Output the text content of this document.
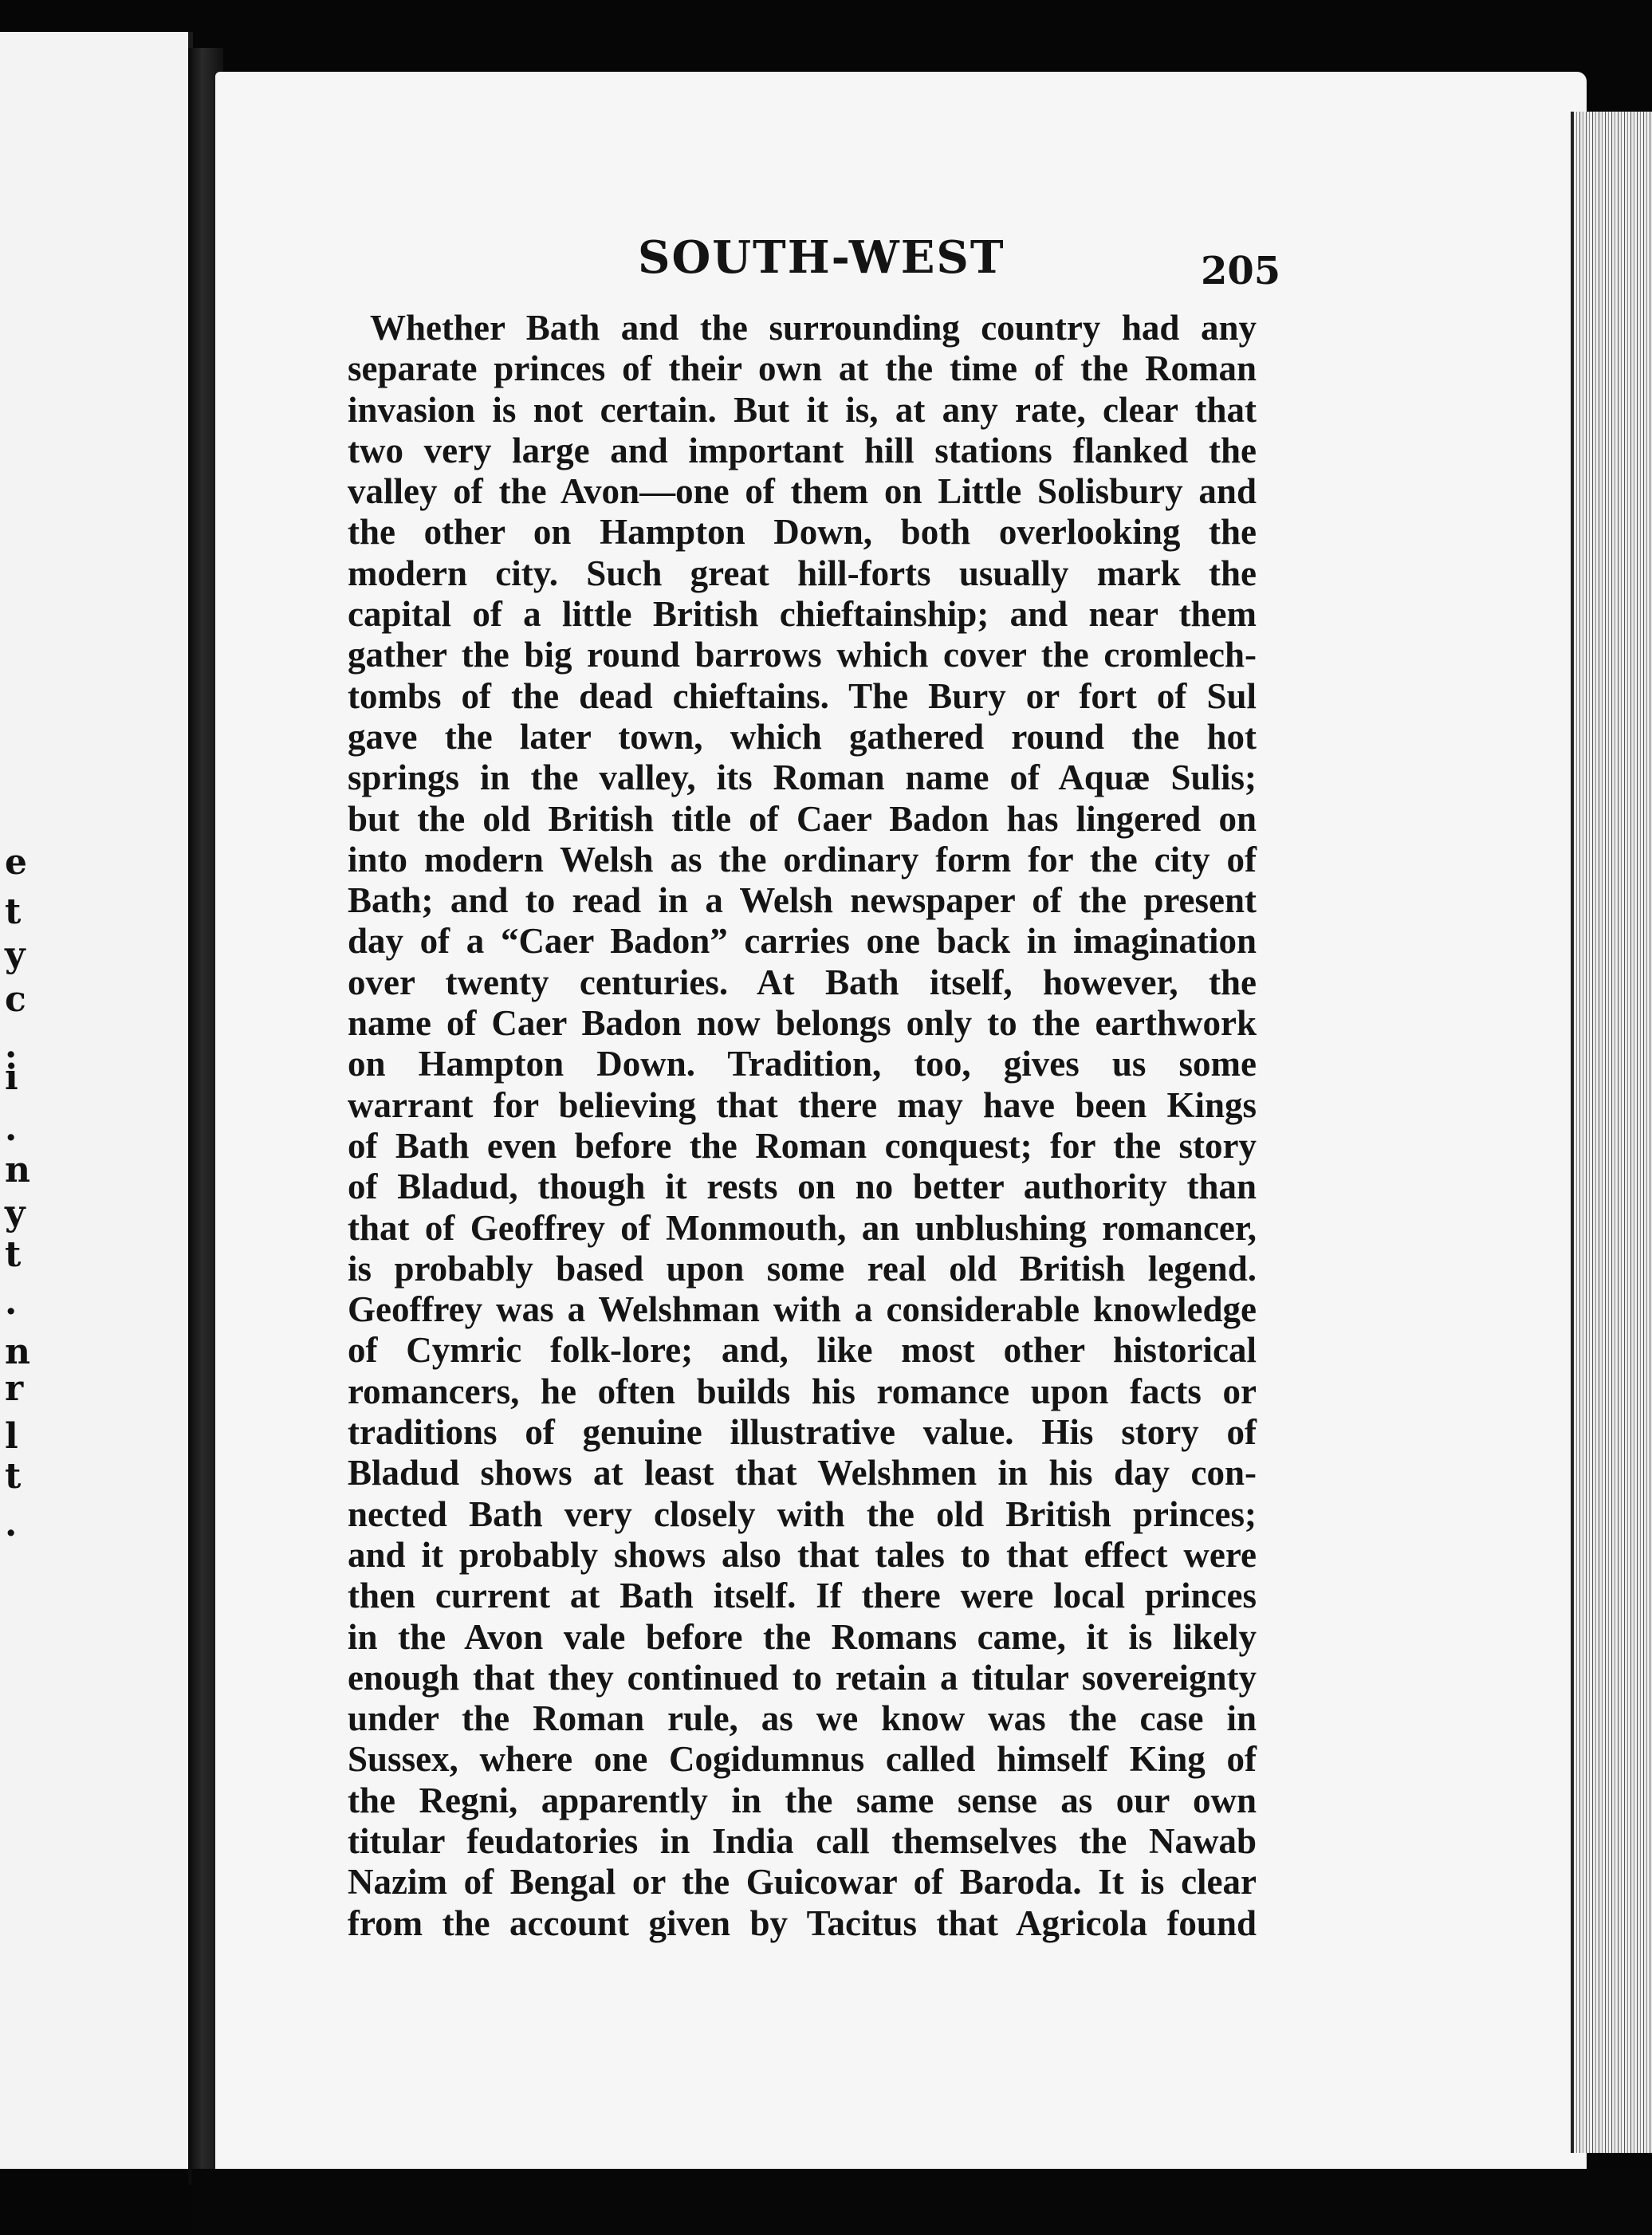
e
t
y
c
.
i
.
n
y
t
.
n
r
l
t
.
SOUTH-WEST	205
Whether Bath and the surrounding country had any
separate princes of their own at the time of the Roman
invasion is not certain. But it is, at any rate, clear that
two very large and important hill stations flanked the
valley of the Avon—one of them on Little Solisbury and
the other on Hampton Down, both overlooking the
modern city. Such great hill-forts usually mark the
capital of a little British chieftainship; and near them
gather the big round barrows which cover the cromlech-
tombs of the dead chieftains. The Bury or fort of Sul
gave the later town, which gathered round the hot
springs in the valley, its Roman name of Aquæ Sulis;
but the old British title of Caer Badon has lingered on
into modern Welsh as the ordinary form for the city of
Bath; and to read in a Welsh newspaper of the present
day of a “Caer Badon” carries one back in imagination
over twenty centuries. At Bath itself, however, the
name of Caer Badon now belongs only to the earthwork
on Hampton Down. Tradition, too, gives us some
warrant for believing that there may have been Kings
of Bath even before the Roman conquest; for the story
of Bladud, though it rests on no better authority than
that of Geoffrey of Monmouth, an unblushing romancer,
is probably based upon some real old British legend.
Geoffrey was a Welshman with a considerable knowledge
of Cymric folk-lore; and, like most other historical
romancers, he often builds his romance upon facts or
traditions of genuine illustrative value. His story of
Bladud shows at least that Welshmen in his day con-
nected Bath very closely with the old British princes;
and it probably shows also that tales to that effect were
then current at Bath itself. If there were local princes
in the Avon vale before the Romans came, it is likely
enough that they continued to retain a titular sovereignty
under the Roman rule, as we know was the case in
Sussex, where one Cogidumnus called himself King of
the Regni, apparently in the same sense as our own
titular feudatories in India call themselves the Nawab
Nazim of Bengal or the Guicowar of Baroda. It is clear
from the account given by Tacitus that Agricola found
